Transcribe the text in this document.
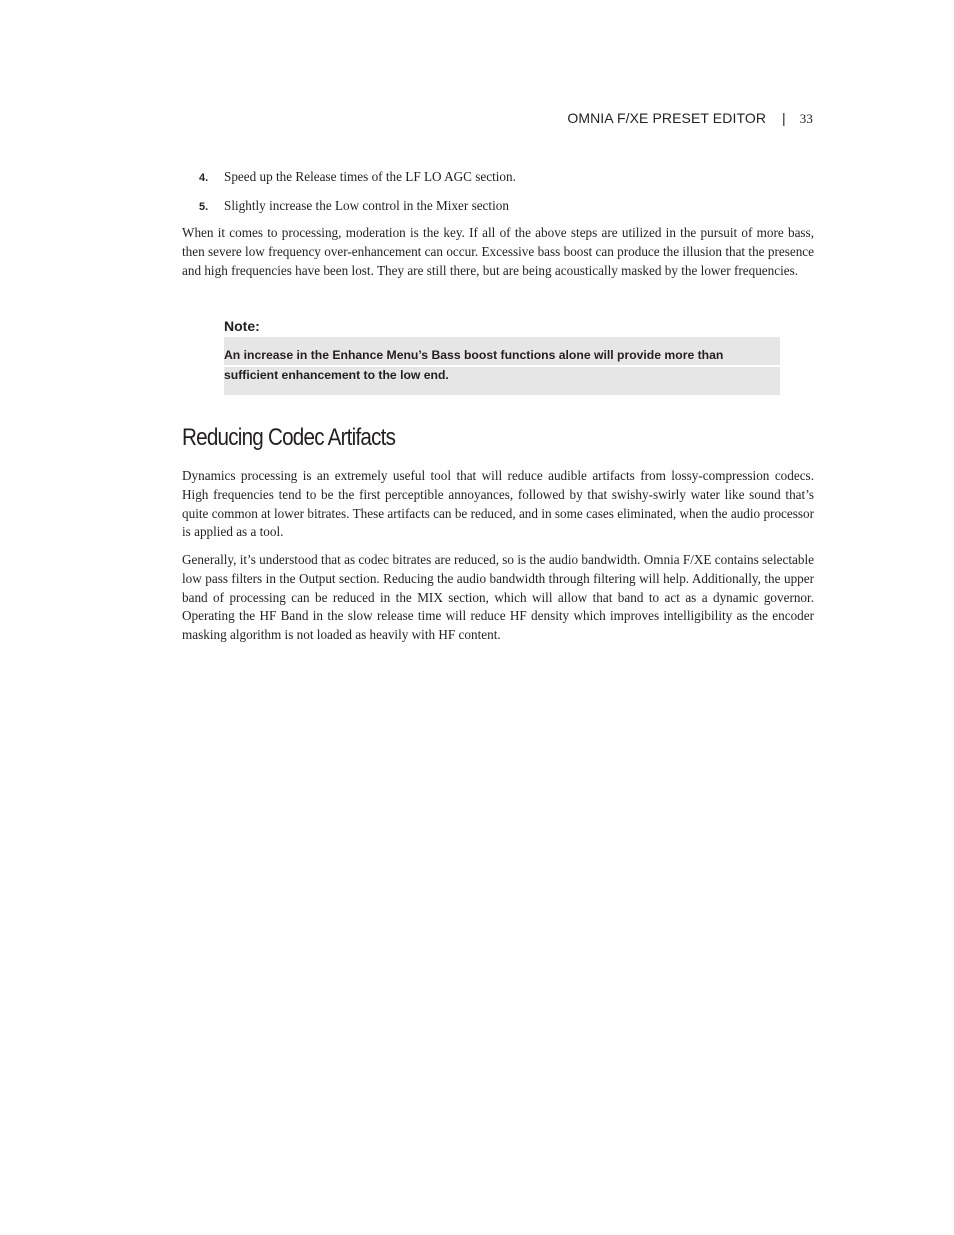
OMNIA F/XE PRESET EDITOR | 33
4.	Speed up the Release times of the LF LO AGC section.
5.	Slightly increase the Low control in the Mixer section

When it comes to processing, moderation is the key. If all of the above steps are utilized in the pursuit of more bass, then severe low frequency over-enhancement can occur. Excessive bass boost can produce the illusion that the presence and high frequencies have been lost. They are still there, but are being acoustically masked by the lower frequencies.

Note:
An increase in the Enhance Menu’s Bass boost functions alone will provide more than sufficient enhancement to the low end.
Reducing Codec Artifacts

Dynamics processing is an extremely useful tool that will reduce audible artifacts from lossy-compression codecs. High frequencies tend to be the first perceptible annoyances, followed by that swishy-swirly water like sound that’s quite common at lower bitrates. These artifacts can be reduced, and in some cases eliminated, when the audio processor is applied as a tool.

Generally, it’s understood that as codec bitrates are reduced, so is the audio bandwidth. Omnia F/XE contains selectable low pass filters in the Output section. Reducing the audio bandwidth through filtering will help. Additionally, the upper band of processing can be reduced in the MIX section, which will allow that band to act as a dynamic governor. Operating the HF Band in the slow release time will reduce HF density which improves intelligibility as the encoder masking algorithm is not loaded as heavily with HF content.
